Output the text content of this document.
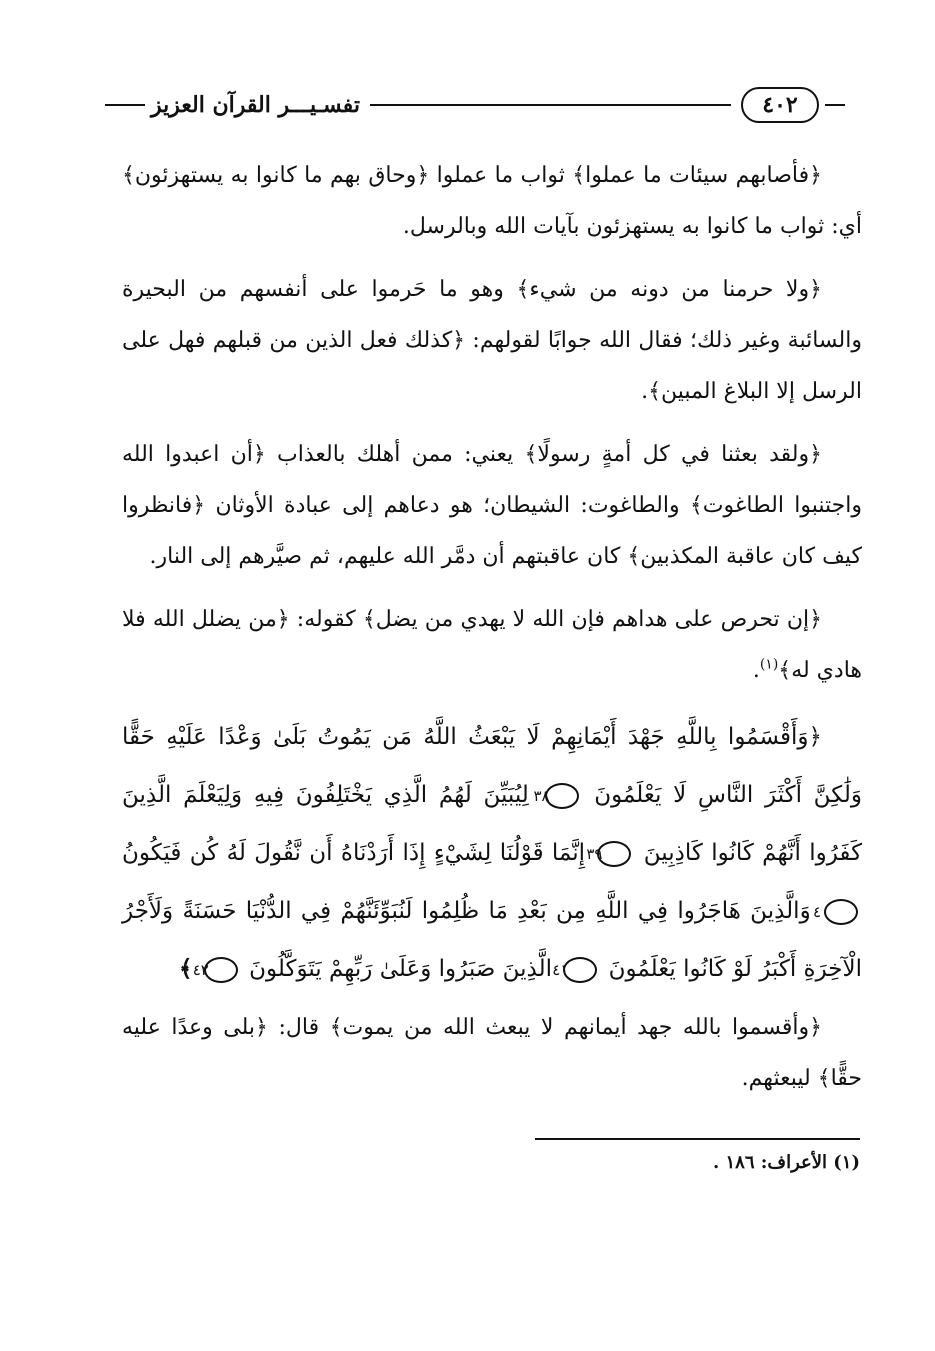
٤٠٢
تفسـيـــر القرآن العزيز

﴿فأصابهم سيئات ما عملوا﴾ ثواب ما عملوا ﴿وحاق بهم ما كانوا به يستهزئون﴾ أي: ثواب ما كانوا به يستهزئون بآيات الله وبالرسل.

﴿ولا حرمنا من دونه من شيء﴾ وهو ما حَرموا على أنفسهم من البحيرة والسائبة وغير ذلك؛ فقال الله جوابًا لقولهم: ﴿كذلك فعل الذين من قبلهم فهل على الرسل إلا البلاغ المبين﴾.

﴿ولقد بعثنا في كل أمةٍ رسولًا﴾ يعني: ممن أهلك بالعذاب ﴿أن اعبدوا الله واجتنبوا الطاغوت﴾ والطاغوت: الشيطان؛ هو دعاهم إلى عبادة الأوثان ﴿فانظروا كيف كان عاقبة المكذبين﴾ كان عاقبتهم أن دمَّر الله عليهم، ثم صيَّرهم إلى النار.

﴿إن تحرص على هداهم فإن الله لا يهدي من يضل﴾ كقوله: ﴿من يضلل الله فلا هادي له﴾$^{(١)}$.

﴿وَأَقْسَمُوا بِاللَّهِ جَهْدَ أَيْمَانِهِمْ لَا يَبْعَثُ اللَّهُ مَن يَمُوتُ بَلَىٰ وَعْدًا عَلَيْهِ حَقًّا وَلَٰكِنَّ أَكْثَرَ النَّاسِ لَا يَعْلَمُونَ ٣٨ لِيُبَيِّنَ لَهُمُ الَّذِي يَخْتَلِفُونَ فِيهِ وَلِيَعْلَمَ الَّذِينَ كَفَرُوا أَنَّهُمْ كَانُوا كَاذِبِينَ ٣٩ إِنَّمَا قَوْلُنَا لِشَيْءٍ إِذَا أَرَدْنَاهُ أَن نَّقُولَ لَهُ كُن فَيَكُونُ ٤٠ وَالَّذِينَ هَاجَرُوا فِي اللَّهِ مِن بَعْدِ مَا ظُلِمُوا لَنُبَوِّئَنَّهُمْ فِي الدُّنْيَا حَسَنَةً وَلَأَجْرُ الْآخِرَةِ أَكْبَرُ لَوْ كَانُوا يَعْلَمُونَ ٤١ الَّذِينَ صَبَرُوا وَعَلَىٰ رَبِّهِمْ يَتَوَكَّلُونَ ٤٢ ﴾

﴿وأقسموا بالله جهد أيمانهم لا يبعث الله من يموت﴾ قال: ﴿بلى وعدًا عليه حقًّا﴾ ليبعثهم.

(١) الأعراف: ١٨٦ .
